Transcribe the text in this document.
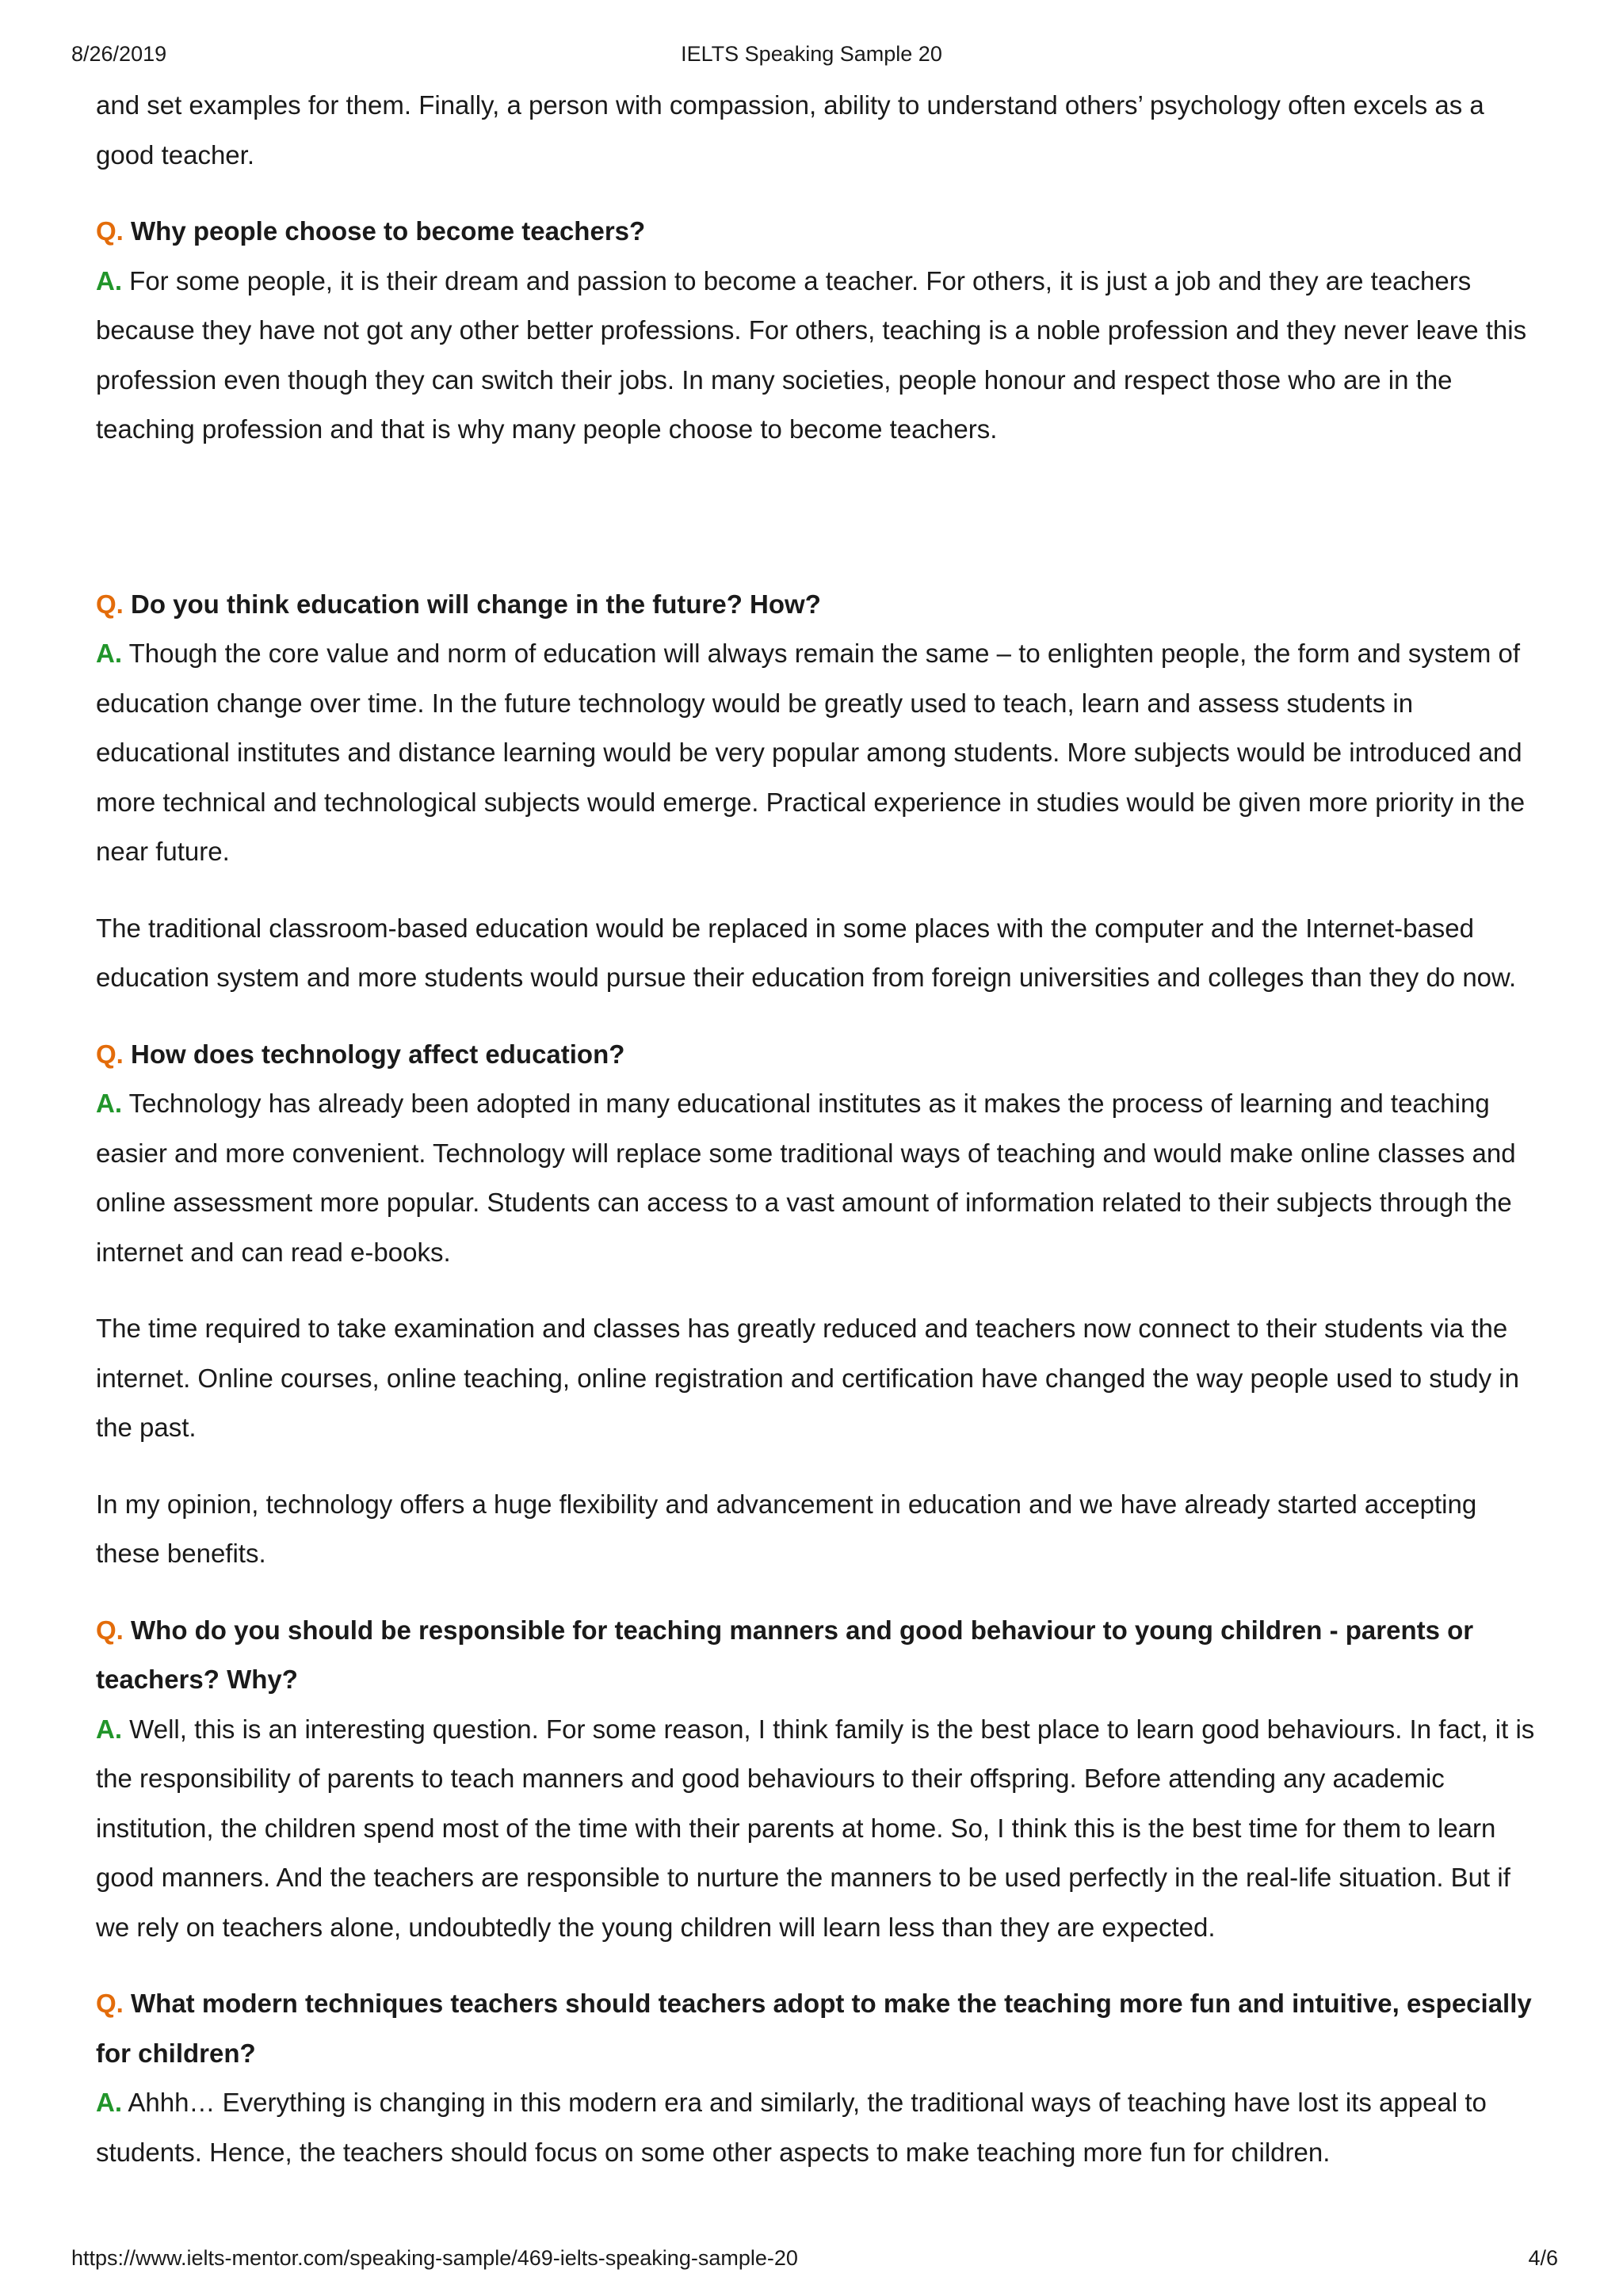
8/26/2019	IELTS Speaking Sample 20

and set examples for them. Finally, a person with compassion, ability to understand others’ psychology often excels as a good teacher.

Q. Why people choose to become teachers?

A. For some people, it is their dream and passion to become a teacher. For others, it is just a job and they are teachers because they have not got any other better professions. For others, teaching is a noble profession and they never leave this profession even though they can switch their jobs. In many societies, people honour and respect those who are in the teaching profession and that is why many people choose to become teachers.

Q. Do you think education will change in the future? How?

A. Though the core value and norm of education will always remain the same – to enlighten people, the form and system of education change over time. In the future technology would be greatly used to teach, learn and assess students in educational institutes and distance learning would be very popular among students. More subjects would be introduced and more technical and technological subjects would emerge. Practical experience in studies would be given more priority in the near future.

The traditional classroom-based education would be replaced in some places with the computer and the Internet-based education system and more students would pursue their education from foreign universities and colleges than they do now.

Q. How does technology affect education?

A. Technology has already been adopted in many educational institutes as it makes the process of learning and teaching easier and more convenient. Technology will replace some traditional ways of teaching and would make online classes and online assessment more popular. Students can access to a vast amount of information related to their subjects through the internet and can read e-books.

The time required to take examination and classes has greatly reduced and teachers now connect to their students via the internet. Online courses, online teaching, online registration and certification have changed the way people used to study in the past.

In my opinion, technology offers a huge flexibility and advancement in education and we have already started accepting these benefits.

Q. Who do you should be responsible for teaching manners and good behaviour to young children - parents or teachers? Why?

A. Well, this is an interesting question. For some reason, I think family is the best place to learn good behaviours. In fact, it is the responsibility of parents to teach manners and good behaviours to their offspring. Before attending any academic institution, the children spend most of the time with their parents at home. So, I think this is the best time for them to learn good manners. And the teachers are responsible to nurture the manners to be used perfectly in the real-life situation. But if we rely on teachers alone, undoubtedly the young children will learn less than they are expected.

Q. What modern techniques teachers should teachers adopt to make the teaching more fun and intuitive, especially for children?

A. Ahhh… Everything is changing in this modern era and similarly, the traditional ways of teaching have lost its appeal to students. Hence, the teachers should focus on some other aspects to make teaching more fun for children.

https://www.ielts-mentor.com/speaking-sample/469-ielts-speaking-sample-20	4/6
